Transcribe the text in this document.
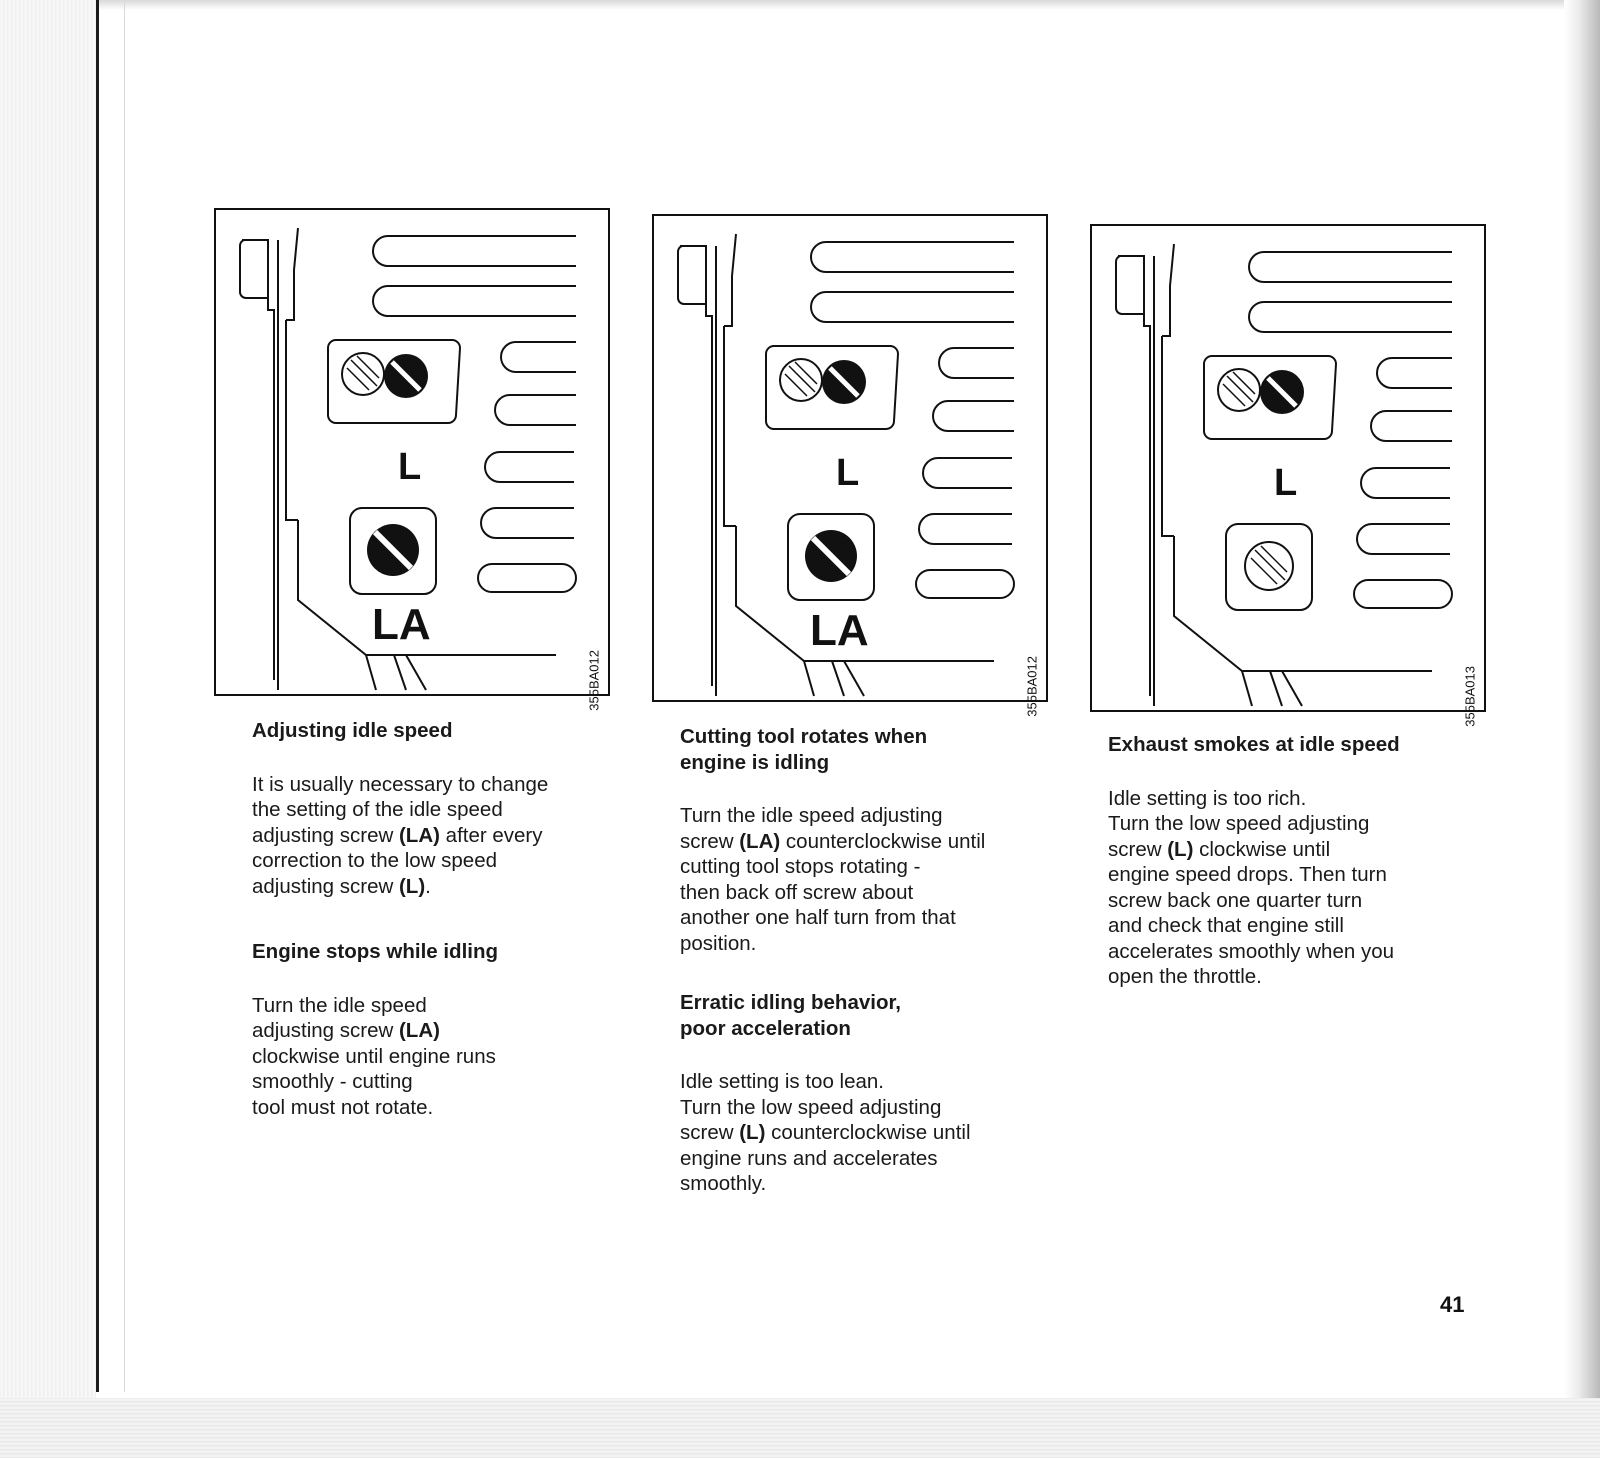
L
LA
355BA012
L
LA
355BA012
L
355BA013
Adjusting idle speed

It is usually necessary to change
the setting of the idle speed
adjusting screw (LA) after every
correction to the low speed
adjusting screw (L).

Engine stops while idling

Turn the idle speed
adjusting screw (LA)
clockwise until engine runs
smoothly - cutting
tool must not rotate.

Cutting tool rotates when
engine is idling

Turn the idle speed adjusting
screw (LA) counterclockwise until
cutting tool stops rotating -
then back off screw about
another one half turn from that
position.

Erratic idling behavior,
poor acceleration

Idle setting is too lean.
Turn the low speed adjusting
screw (L) counterclockwise until
engine runs and accelerates
smoothly.

Exhaust smokes at idle speed

Idle setting is too rich.
Turn the low speed adjusting
screw (L) clockwise until
engine speed drops. Then turn
screw back one quarter turn
and check that engine still
accelerates smoothly when you
open the throttle.

41
